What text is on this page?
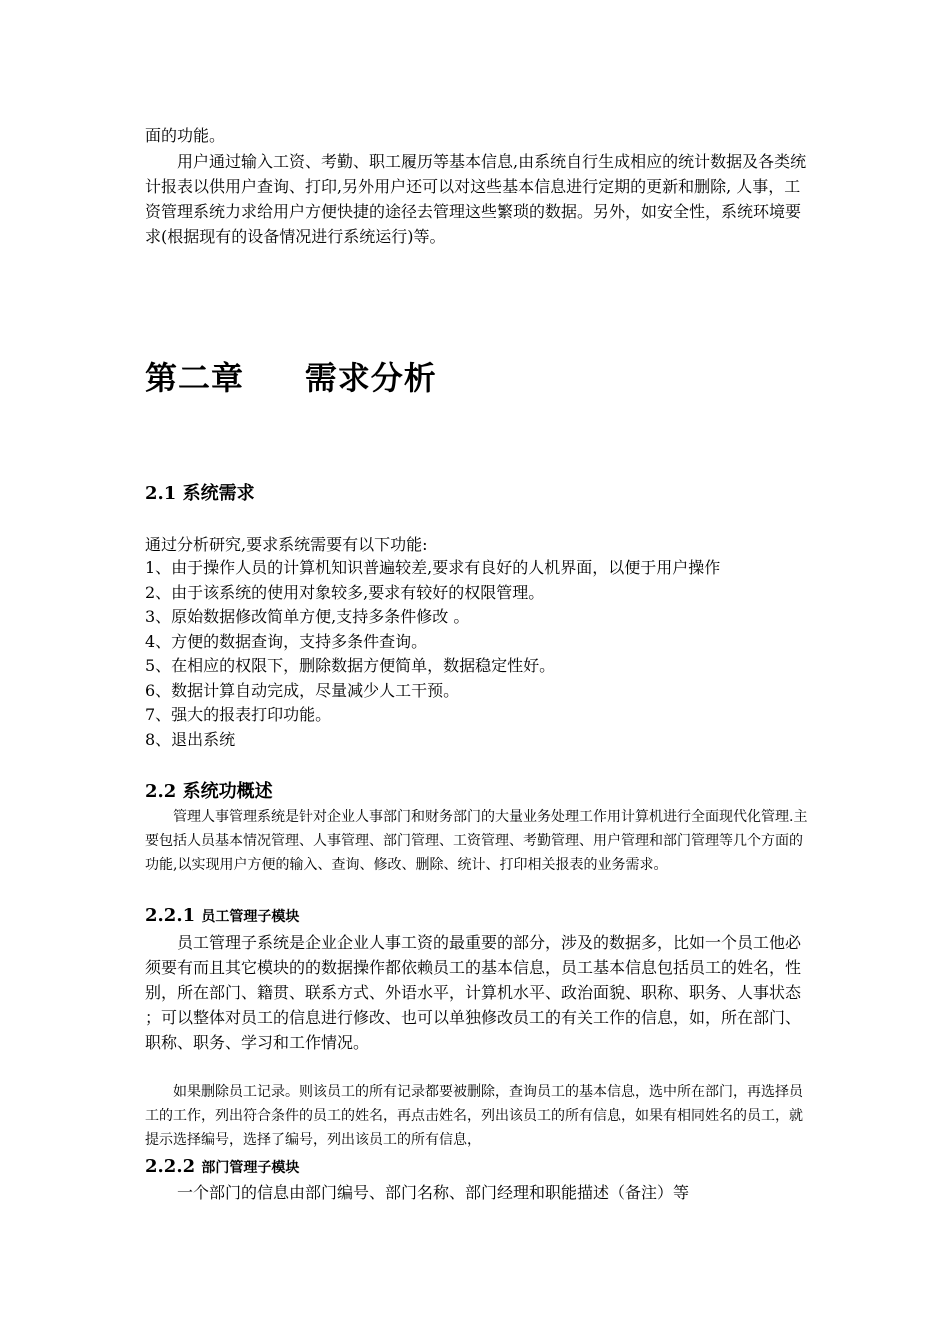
面的功能。

用户通过输入工资、考勤、职工履历等基本信息,由系统自行生成相应的统计数据及各类统计报表以供用户查询、打印,另外用户还可以对这些基本信息进行定期的更新和删除, 人事，工资管理系统力求给用户方便快捷的途径去管理这些繁琐的数据。另外，如安全性，系统环境要求(根据现有的设备情况进行系统运行)等。

第二章     需求分析
2.1 系统需求

通过分析研究,要求系统需要有以下功能:

1、由于操作人员的计算机知识普遍较差,要求有良好的人机界面，以便于用户操作
2、由于该系统的使用对象较多,要求有较好的权限管理。
3、原始数据修改简单方便,支持多条件修改 。
4、方便的数据查询，支持多条件查询。
5、在相应的权限下，删除数据方便简单，数据稳定性好。
6、数据计算自动完成，尽量减少人工干预。
7、强大的报表打印功能。
8、退出系统
2.2 系统功概述

管理人事管理系统是针对企业人事部门和财务部门的大量业务处理工作用计算机进行全面现代化管理.主要包括人员基本情况管理、人事管理、部门管理、工资管理、考勤管理、用户管理和部门管理等几个方面的功能,以实现用户方便的输入、查询、修改、删除、统计、打印相关报表的业务需求。

2.2.1 员工管理子模块

员工管理子系统是企业企业人事工资的最重要的部分，涉及的数据多，比如一个员工他必须要有而且其它模块的的数据操作都依赖员工的基本信息，员工基本信息包括员工的姓名，性别，所在部门、籍贯、联系方式、外语水平，计算机水平、政治面貌、职称、职务、人事状态 ；可以整体对员工的信息进行修改、也可以单独修改员工的有关工作的信息，如，所在部门、职称、职务、学习和工作情况。

如果删除员工记录。则该员工的所有记录都要被删除，查询员工的基本信息，选中所在部门，再选择员工的工作，列出符合条件的员工的姓名，再点击姓名，列出该员工的所有信息，如果有相同姓名的员工，就提示选择编号，选择了编号，列出该员工的所有信息，

2.2.2 部门管理子模块

一个部门的信息由部门编号、部门名称、部门经理和职能描述（备注）等
